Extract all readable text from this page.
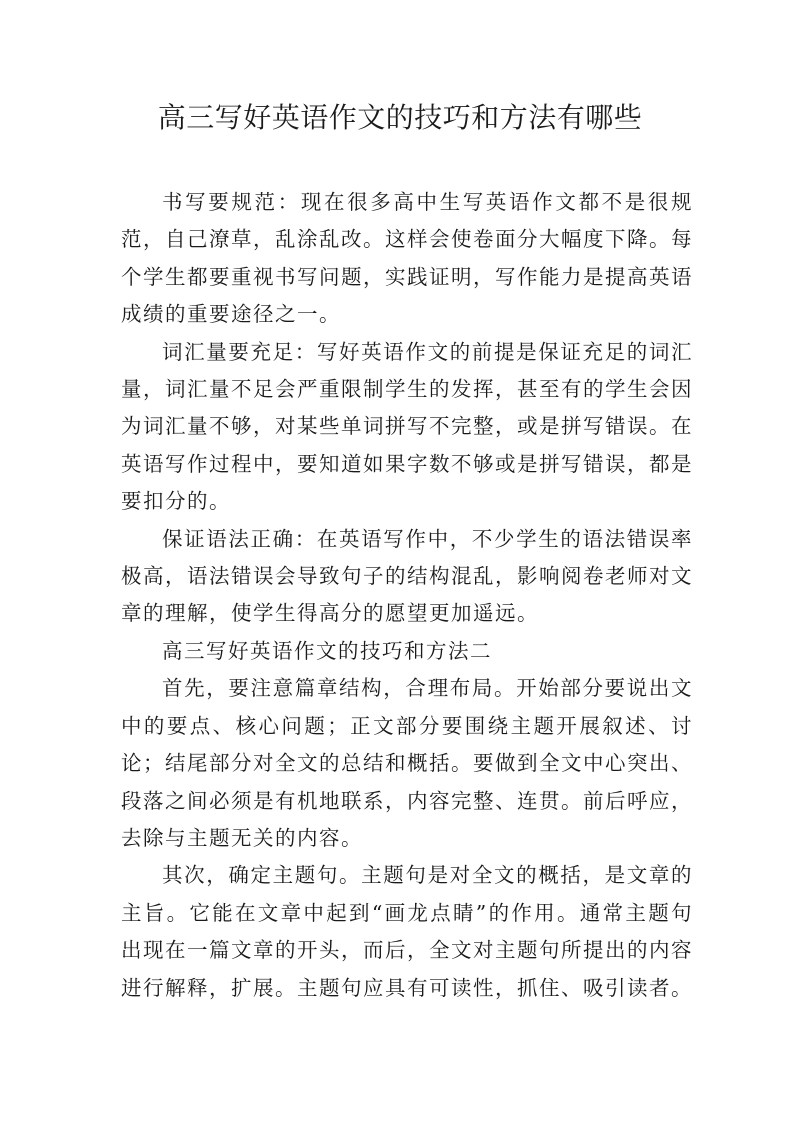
高三写好英语作文的技巧和方法有哪些

书写要规范：现在很多高中生写英语作文都不是很规范，自己潦草，乱涂乱改。这样会使卷面分大幅度下降。每个学生都要重视书写问题，实践证明，写作能力是提高英语成绩的重要途径之一。

词汇量要充足：写好英语作文的前提是保证充足的词汇量，词汇量不足会严重限制学生的发挥，甚至有的学生会因为词汇量不够，对某些单词拼写不完整，或是拼写错误。在英语写作过程中，要知道如果字数不够或是拼写错误，都是要扣分的。

保证语法正确：在英语写作中，不少学生的语法错误率极高，语法错误会导致句子的结构混乱，影响阅卷老师对文章的理解，使学生得高分的愿望更加遥远。

高三写好英语作文的技巧和方法二

首先，要注意篇章结构，合理布局。开始部分要说出文中的要点、核心问题；正文部分要围绕主题开展叙述、讨论；结尾部分对全文的总结和概括。要做到全文中心突出、段落之间必须是有机地联系，内容完整、连贯。前后呼应，去除与主题无关的内容。

其次，确定主题句。主题句是对全文的概括，是文章的主旨。它能在文章中起到“画龙点睛”的作用。通常主题句出现在一篇文章的开头，而后，全文对主题句所提出的内容进行解释，扩展。主题句应具有可读性，抓住、吸引读者。
